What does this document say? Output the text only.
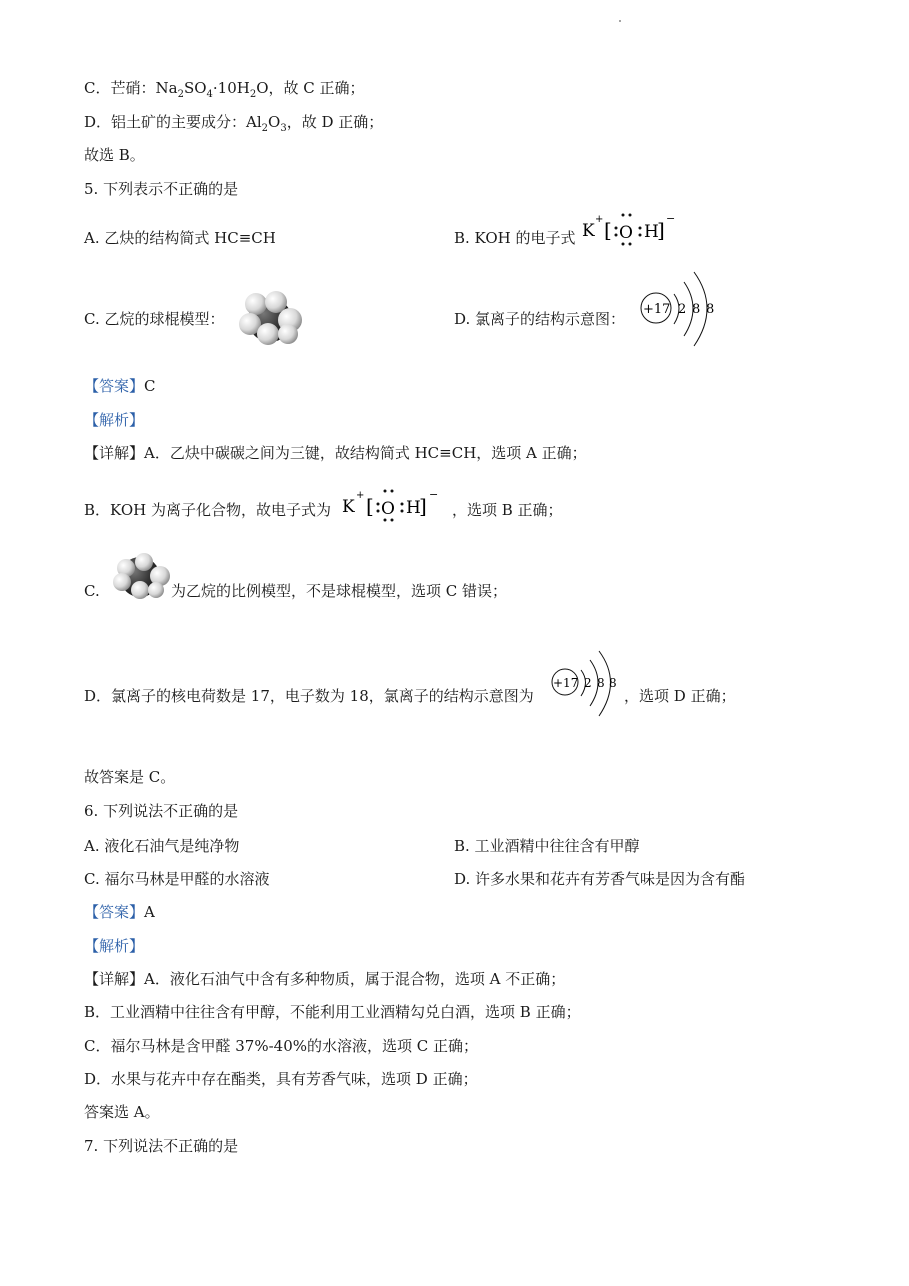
C．芒硝：$Na_2SO_4\cdot 10H_2O$，故 C 正确；
D．铝土矿的主要成分：$Al_2O_3$，故 D 正确；
故选 B。
5. 下列表示不正确的是
A. 乙炔的结构简式 HC≡CH	B. KOH 的电子式 K
+ [ O H
] −
C. 乙烷的球棍模型：	D. 氯离子的结构示意图：
+17 2 8 8
【答案】C
【解析】
【详解】A．乙炔中碳碳之间为三键，故结构简式 HC≡CH，选项 A 正确；
B．KOH 为离子化合物，故电子式为 K
+ [ O H
] −
，选项 B 正确；
C.	为乙烷的比例模型，不是球棍模型，选项 C 错误；
D．氯离子的核电荷数是 17，电子数为 18，氯离子的结构示意图为
+17 2 8 8
，选项 D 正确；
故答案是 C。
6. 下列说法不正确的是
A. 液化石油气是纯净物	B. 工业酒精中往往含有甲醇
C. 福尔马林是甲醛的水溶液	D. 许多水果和花卉有芳香气味是因为含有酯
【答案】A
【解析】
【详解】A．液化石油气中含有多种物质，属于混合物，选项 A 不正确；
B．工业酒精中往往含有甲醇，不能利用工业酒精勾兑白酒，选项 B 正确；
C．福尔马林是含甲醛 37%-40%的水溶液，选项 C 正确；
D．水果与花卉中存在酯类，具有芳香气味，选项 D 正确；
答案选 A。
7. 下列说法不正确的是
